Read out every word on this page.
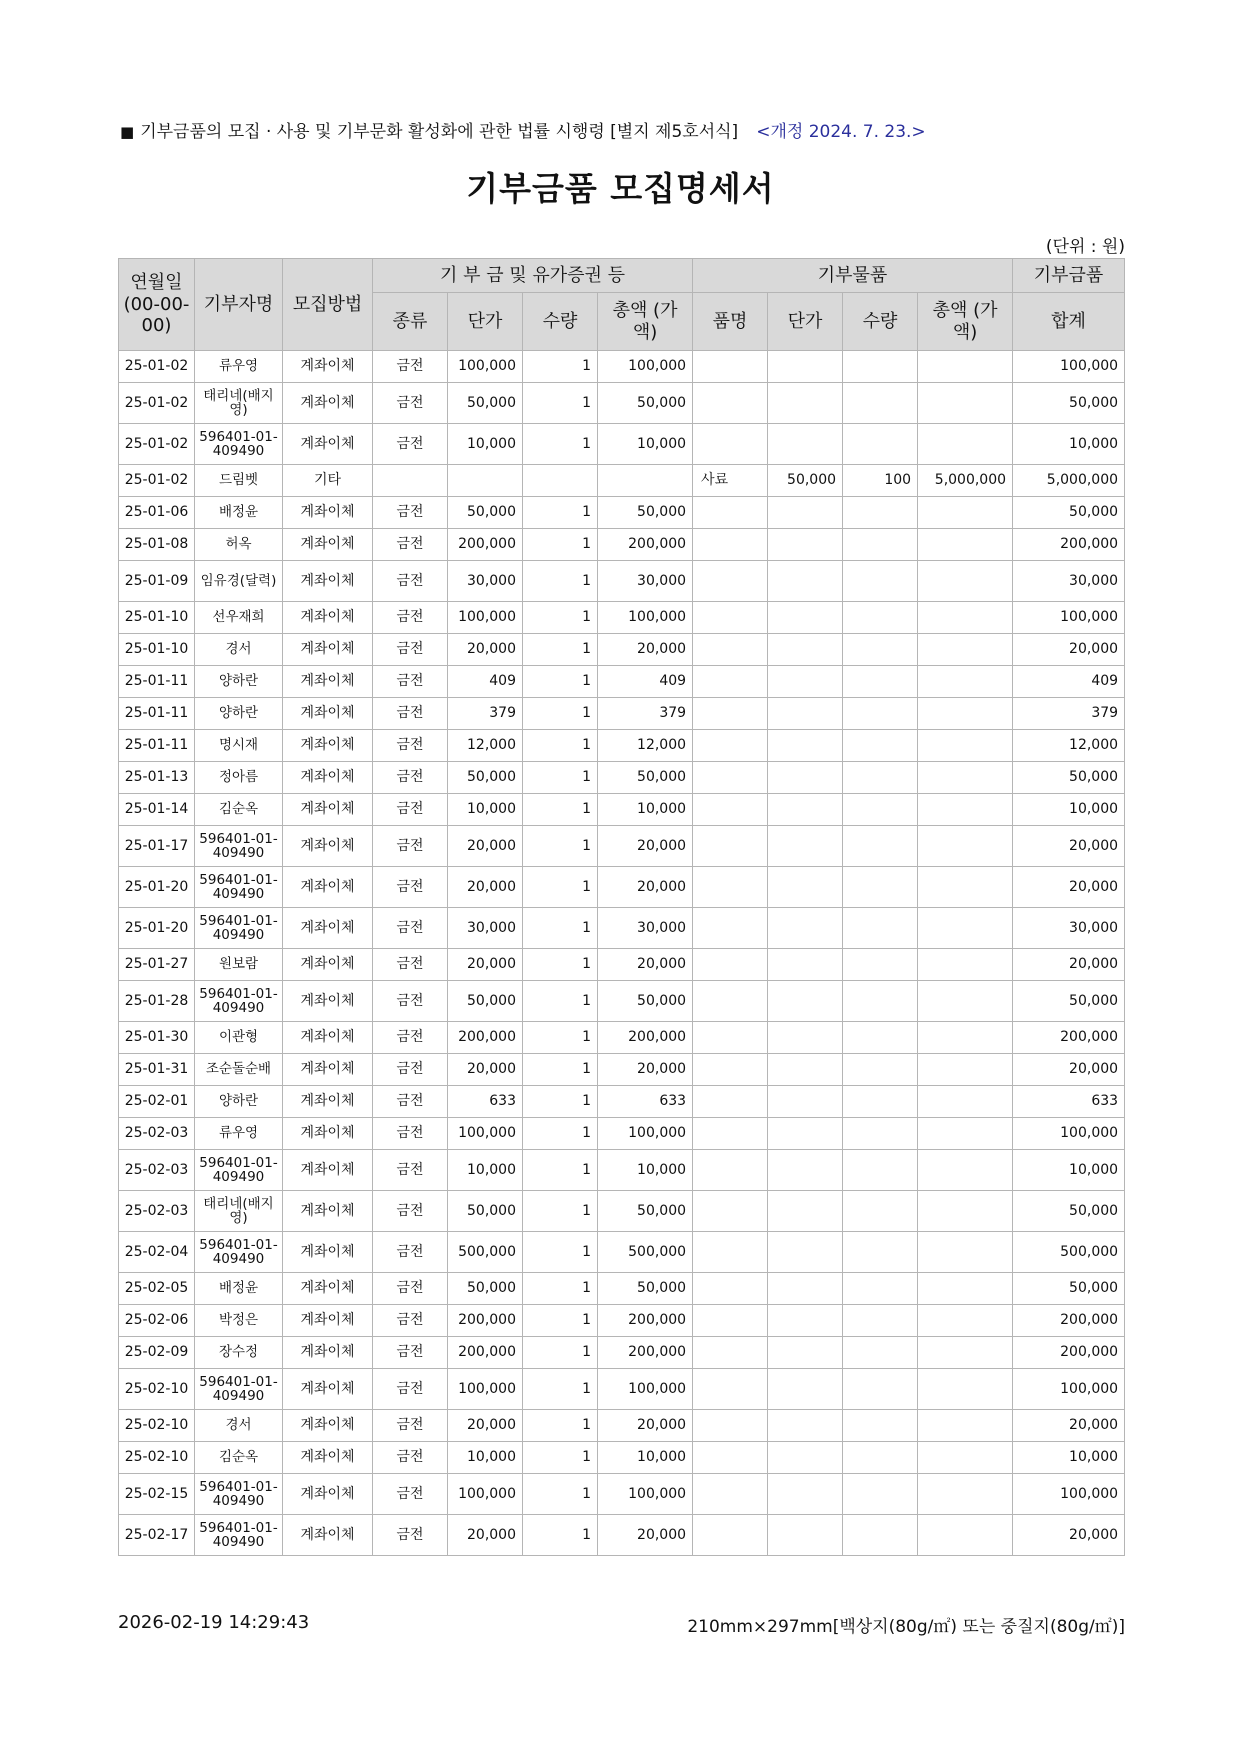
■ 기부금품의 모집 · 사용 및 기부문화 활성화에 관한 법률 시행령 [별지 제5호서식] <개정 2024. 7. 23.>
기부금품 모집명세서
(단위 : 원)
연월일 (00-00-00)	기부자명	모집방법	기 부 금 및 유가증권 등				기부물품				기부금품
			종류	단가	수량	총액 (가액)	품명	단가	수량	총액 (가액)	합계
25-01-02	류우영	계좌이체	금전	100,000	1	100,000					100,000
25-01-02	태리네(배지영)	계좌이체	금전	50,000	1	50,000					50,000
25-01-02	596401-01-409490	계좌이체	금전	10,000	1	10,000					10,000
25-01-02	드림벳	기타					사료	50,000	100	5,000,000	5,000,000
25-01-06	배정윤	계좌이체	금전	50,000	1	50,000					50,000
25-01-08	허옥	계좌이체	금전	200,000	1	200,000					200,000
25-01-09	임유경(달력)	계좌이체	금전	30,000	1	30,000					30,000
25-01-10	선우재희	계좌이체	금전	100,000	1	100,000					100,000
25-01-10	경서	계좌이체	금전	20,000	1	20,000					20,000
25-01-11	양하란	계좌이체	금전	409	1	409					409
25-01-11	양하란	계좌이체	금전	379	1	379					379
25-01-11	명시재	계좌이체	금전	12,000	1	12,000					12,000
25-01-13	정아름	계좌이체	금전	50,000	1	50,000					50,000
25-01-14	김순옥	계좌이체	금전	10,000	1	10,000					10,000
25-01-17	596401-01-409490	계좌이체	금전	20,000	1	20,000					20,000
25-01-20	596401-01-409490	계좌이체	금전	20,000	1	20,000					20,000
25-01-20	596401-01-409490	계좌이체	금전	30,000	1	30,000					30,000
25-01-27	원보람	계좌이체	금전	20,000	1	20,000					20,000
25-01-28	596401-01-409490	계좌이체	금전	50,000	1	50,000					50,000
25-01-30	이관형	계좌이체	금전	200,000	1	200,000					200,000
25-01-31	조순돌순배	계좌이체	금전	20,000	1	20,000					20,000
25-02-01	양하란	계좌이체	금전	633	1	633					633
25-02-03	류우영	계좌이체	금전	100,000	1	100,000					100,000
25-02-03	596401-01-409490	계좌이체	금전	10,000	1	10,000					10,000
25-02-03	태리네(배지영)	계좌이체	금전	50,000	1	50,000					50,000
25-02-04	596401-01-409490	계좌이체	금전	500,000	1	500,000					500,000
25-02-05	배정윤	계좌이체	금전	50,000	1	50,000					50,000
25-02-06	박정은	계좌이체	금전	200,000	1	200,000					200,000
25-02-09	장수정	계좌이체	금전	200,000	1	200,000					200,000
25-02-10	596401-01-409490	계좌이체	금전	100,000	1	100,000					100,000
25-02-10	경서	계좌이체	금전	20,000	1	20,000					20,000
25-02-10	김순옥	계좌이체	금전	10,000	1	10,000					10,000
25-02-15	596401-01-409490	계좌이체	금전	100,000	1	100,000					100,000
25-02-17	596401-01-409490	계좌이체	금전	20,000	1	20,000					20,000
2026-02-19 14:29:43	210mm×297mm[백상지(80g/㎡) 또는 중질지(80g/㎡)]
